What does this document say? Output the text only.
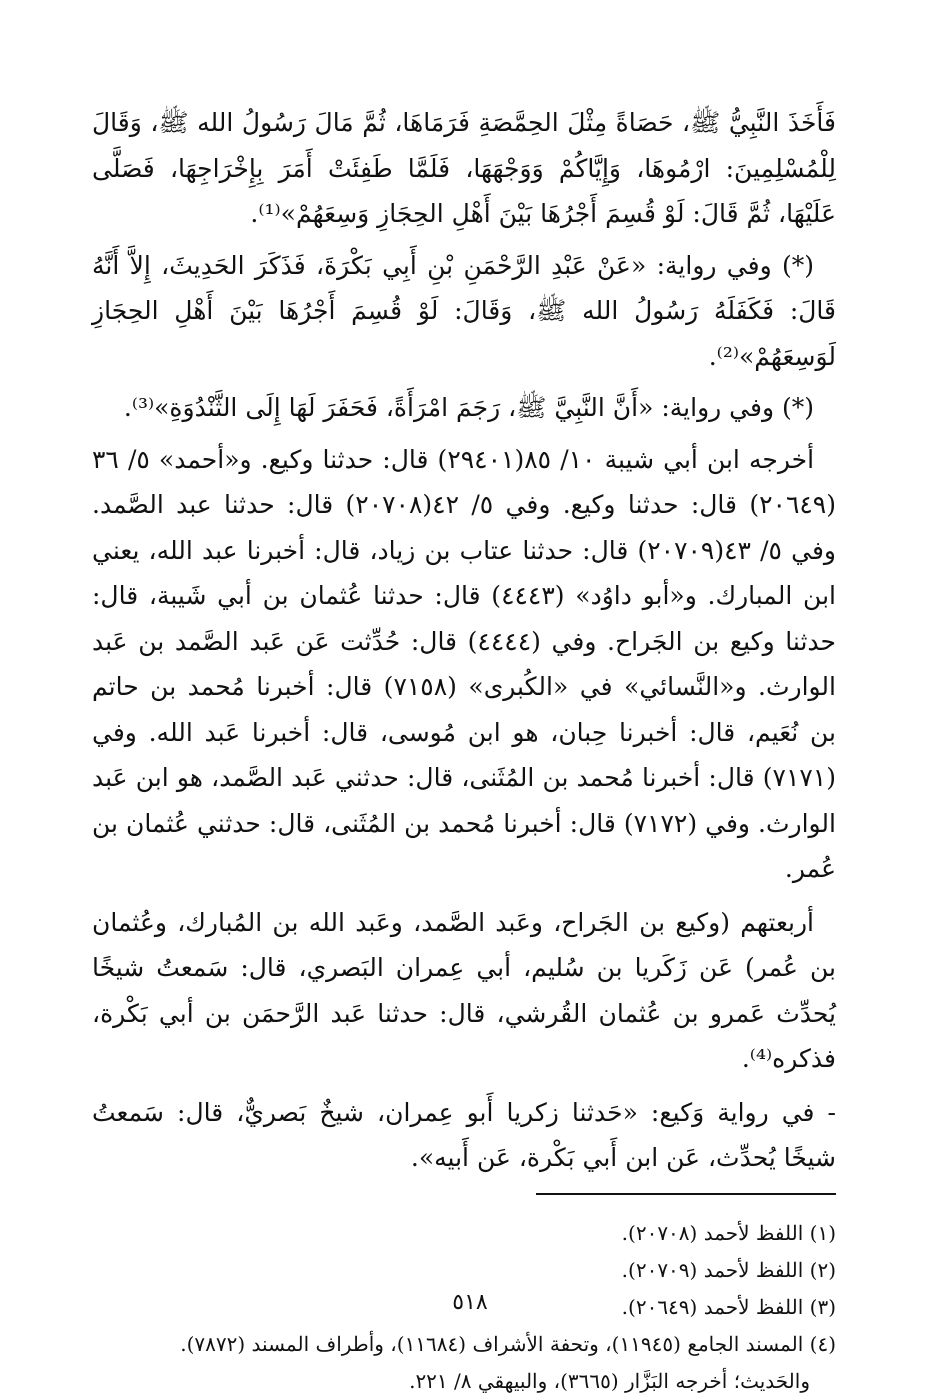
فَأَخَذَ النَّبِيُّ ﷺ، حَصَاةً مِثْلَ الحِمَّصَةِ فَرَمَاهَا، ثُمَّ مَالَ رَسُولُ الله ﷺ، وَقَالَ لِلْمُسْلِمِينَ: ارْمُوهَا، وَإِيَّاكُمْ وَوَجْهَهَا، فَلَمَّا طَفِئَتْ أَمَرَ بِإِخْرَاجِهَا، فَصَلَّى عَلَيْهَا، ثُمَّ قَالَ: لَوْ قُسِمَ أَجْرُهَا بَيْنَ أَهْلِ الحِجَازِ وَسِعَهُمْ»⁽¹⁾.

(*) وفي رواية: «عَنْ عَبْدِ الرَّحْمَنِ بْنِ أَبِي بَكْرَةَ، فَذَكَرَ الحَدِيثَ، إِلاَّ أَنَّهُ قَالَ: فَكَفَلَهُ رَسُولُ الله ﷺ، وَقَالَ: لَوْ قُسِمَ أَجْرُهَا بَيْنَ أَهْلِ الحِجَازِ لَوَسِعَهُمْ»⁽²⁾.

(*) وفي رواية: «أَنَّ النَّبِيَّ ﷺ، رَجَمَ امْرَأَةً، فَحَفَرَ لَهَا إِلَى الثَّنْدُوَةِ»⁽³⁾.

أخرجه ابن أبي شيبة ١٠/ ٨٥(٢٩٤٠١) قال: حدثنا وكيع. و«أحمد» ٥/ ٣٦ (٢٠٦٤٩) قال: حدثنا وكيع. وفي ٥/ ٤٢(٢٠٧٠٨) قال: حدثنا عبد الصَّمد. وفي ٥/ ٤٣(٢٠٧٠٩) قال: حدثنا عتاب بن زياد، قال: أخبرنا عبد الله، يعني ابن المبارك. و«أبو داوُد» (٤٤٤٣) قال: حدثنا عُثمان بن أبي شَيبة، قال: حدثنا وكيع بن الجَراح. وفي (٤٤٤٤) قال: حُدِّثت عَن عَبد الصَّمد بن عَبد الوارث. و«النَّسائي» في «الكُبرى» (٧١٥٨) قال: أخبرنا مُحمد بن حاتم بن نُعَيم، قال: أخبرنا حِبان، هو ابن مُوسى، قال: أخبرنا عَبد الله. وفي (٧١٧١) قال: أخبرنا مُحمد بن المُثَنى، قال: حدثني عَبد الصَّمد، هو ابن عَبد الوارث. وفي (٧١٧٢) قال: أخبرنا مُحمد بن المُثَنى، قال: حدثني عُثمان بن عُمر.

أربعتهم (وكيع بن الجَراح، وعَبد الصَّمد، وعَبد الله بن المُبارك، وعُثمان بن عُمر) عَن زَكَريا بن سُليم، أبي عِمران البَصري، قال: سَمعتُ شيخًا يُحدِّث عَمرو بن عُثمان القُرشي، قال: حدثنا عَبد الرَّحمَن بن أبي بَكْرة، فذكره⁽⁴⁾.

- في رواية وَكيع: «حَدثنا زكريا أَبو عِمران، شيخٌ بَصريٌّ، قال: سَمعتُ شيخًا يُحدِّث، عَن ابن أَبي بَكْرة، عَن أَبيه».

(١) اللفظ لأحمد (٢٠٧٠٨).

(٢) اللفظ لأحمد (٢٠٧٠٩).

(٣) اللفظ لأحمد (٢٠٦٤٩).

(٤) المسند الجامع (١١٩٤٥)، وتحفة الأشراف (١١٦٨٤)، وأطراف المسند (٧٨٧٢).

والحَديث؛ أخرجه البَزَّار (٣٦٦٥)، والبيهقي ٨/ ٢٢١.

٥١٨
